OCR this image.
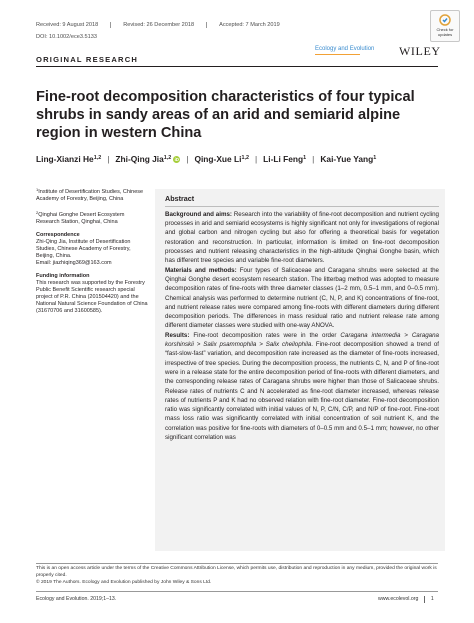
Received: 9 August 2018	Revised: 26 December 2018	Accepted: 7 March 2019
DOI: 10.1002/ece3.5133
Check for updates
Ecology and Evolution WILEY
ORIGINAL RESEARCH
Fine-root decomposition characteristics of four typical shrubs in sandy areas of an arid and semiarid alpine region in western China
Ling-Xianzi He$^{1,2}$ | Zhi-Qing Jia$^{1,2}$ iD | Qing-Xue Li$^{1,2}$ | Li-Li Feng$^1$ | Kai-Yue Yang$^1$

$^1$Institute of Desertification Studies, Chinese Academy of Forestry, Beijing, China

$^2$Qinghai Gonghe Desert Ecosystem Research Station, Qinghai, China

Correspondence

Zhi-Qing Jia, Institute of Desertification Studies, Chinese Academy of Forestry, Beijing, China.
Email: jiazhiqing369@163.com

Funding information

This research was supported by the Forestry Public Benefit Scientific research special project of P.R. China (201504420) and the National Natural Science Foundation of China (31670706 and 31600585).

Abstract

Background and aims: Research into the variability of fine-root decomposition and nutrient cycling processes in arid and semiarid ecosystems is highly significant not only for investigations of regional and global carbon and nitrogen cycling but also for offering a theoretical basis for vegetation restoration and reconstruction. In particular, information is limited on fine-root decomposition processes and nutrient releasing characteristics in the high-altitude Qinghai Gonghe basin, which has different tree species and variable fine-root diameters.

Materials and methods: Four types of Salicaceae and Caragana shrubs were selected at the Qinghai Gonghe desert ecosystem research station. The litterbag method was adopted to measure decomposition rates of fine-roots with three diameter classes (1–2 mm, 0.5–1 mm, and 0–0.5 mm). Chemical analysis was performed to determine nutrient (C, N, P, and K) concentrations of fine-root, and nutrient release rates were compared among fine-roots with different diameters during different decomposition periods. The differences in mass residual ratio and nutrient release rate among different diameter classes were studied with one-way ANOVA.

Results: Fine-root decomposition rates were in the order Caragana intermedia > Caragana korshinskii > Salix psammophila > Salix cheilophila. Fine-root decomposition showed a trend of “fast-slow-fast” variation, and decomposition rate increased as the diameter of fine-roots increased, irrespective of tree species. During the decomposition process, the nutrients C, N, and P of fine-root were in a release state for the entire decomposition period of fine-roots with different diameters, and the corresponding release rates of Caragana shrubs were higher than those of Salicaceae shrubs. Release rates of nutrients C and N accelerated as fine-root diameter increased, whereas release rates of nutrients P and K had no observed relation with fine-root diameter. Fine-root decomposition ratio was significantly correlated with initial values of N, P, C/N, C/P, and N/P of fine-root. Fine-root mass loss ratio was significantly correlated with initial concentration of soil nutrient K, and the correlation was positive for fine-roots with diameters of 0–0.5 mm and 0.5–1 mm; however, no other significant correlation was

This is an open access article under the terms of the Creative Commons Attribution License, which permits use, distribution and reproduction in any medium, provided the original work is properly cited.
© 2019 The Authors. Ecology and Evolution published by John Wiley & Sons Ltd.
Ecology and Evolution. 2019;1–13.	www.ecolevol.org 1
